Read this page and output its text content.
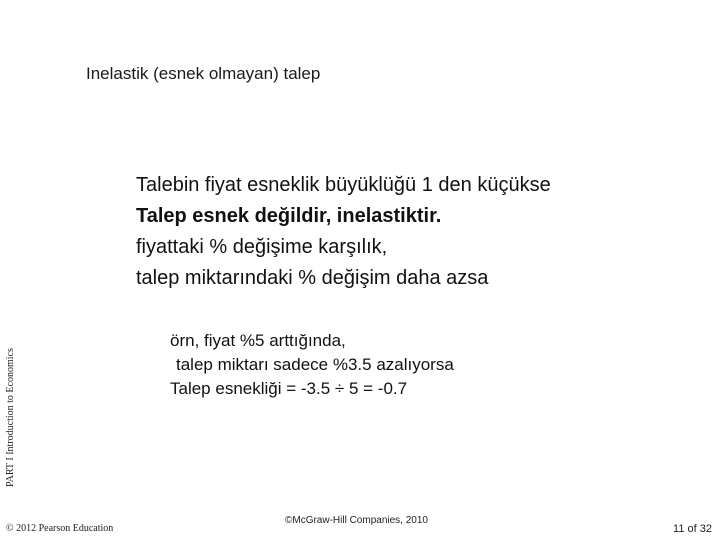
Inelastik (esnek olmayan) talep
Talebin fiyat esneklik büyüklüğü 1 den küçükse
Talep esnek değildir, inelastiktir.
fiyattaki % değişime karşılık,
talep miktarındaki % değişim daha azsa
örn, fiyat %5 arttığında,
talep miktarı sadece %3.5 azalıyorsa
Talep esnekliği = -3.5 ÷ 5 = -0.7
PART I Introduction to Economics
© 2012 Pearson Education
©McGraw-Hill Companies, 2010
11 of 32
